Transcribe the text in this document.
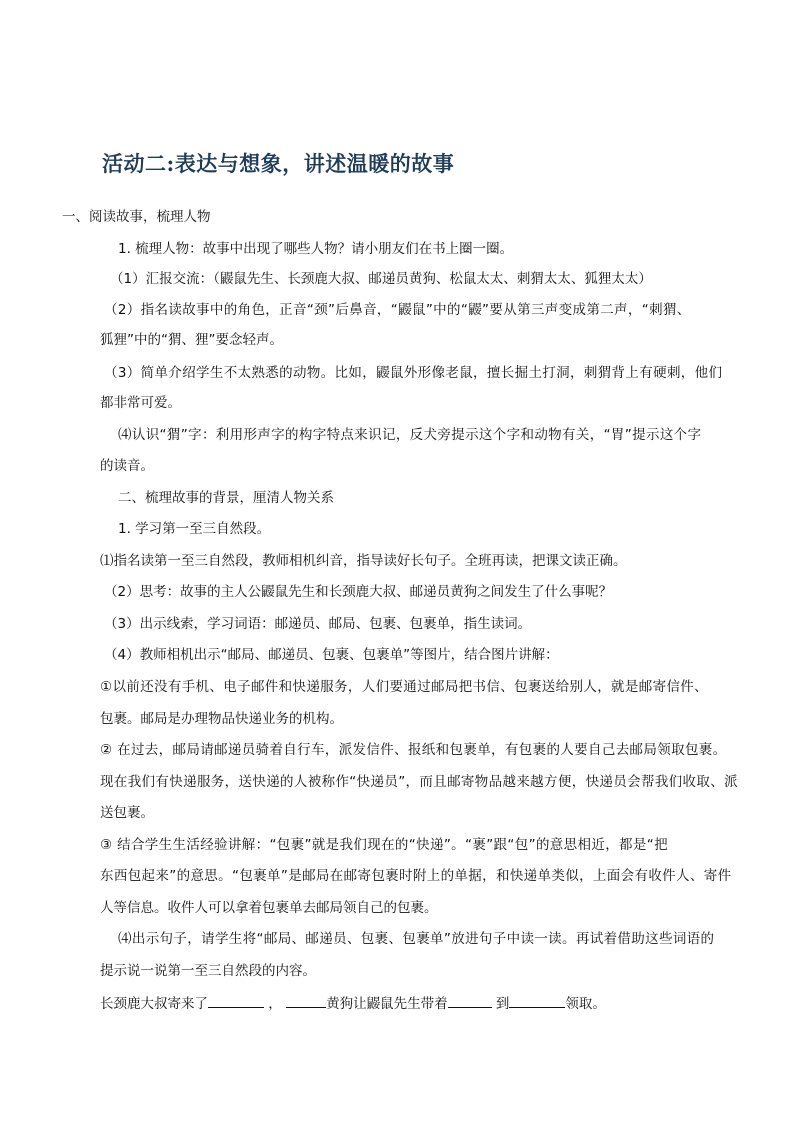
活动二:表达与想象，讲述温暖的故事
一、阅读故事，梳理人物
1. 梳理人物：故事中出现了哪些人物？请小朋友们在书上圈一圈。
（1）汇报交流：（鼹鼠先生、长颈鹿大叔、邮递员黄狗、松鼠太太、刺猬太太、狐狸太太）
（2）指名读故事中的角色，正音“颈”后鼻音，“鼹鼠”中的“鼹”要从第三声变成第二声，“刺猬、
狐狸”中的“猬、狸”要念轻声。
（3）简单介绍学生不太熟悉的动物。比如，鼹鼠外形像老鼠，擅长掘土打洞，刺猬背上有硬刺，他们
都非常可爱。
⑷认识“猬”字：利用形声字的构字特点来识记，反犬旁提示这个字和动物有关，“胃”提示这个字
的读音。
二、梳理故事的背景，厘清人物关系
1. 学习第一至三自然段。
⑴指名读第一至三自然段，教师相机纠音，指导读好长句子。全班再读，把课文读正确。
（2）思考：故事的主人公鼹鼠先生和长颈鹿大叔、邮递员黄狗之间发生了什么事呢？
（3）出示线索，学习词语：邮递员、邮局、包裹、包裹单，指生读词。
（4）教师相机出示“邮局、邮递员、包裹、包裹单”等图片，结合图片讲解：
①以前还没有手机、电子邮件和快递服务，人们要通过邮局把书信、包裹送给别人，就是邮寄信件、
包裹。邮局是办理物品快递业务的机构。
② 在过去，邮局请邮递员骑着自行车，派发信件、报纸和包裹单，有包裹的人要自己去邮局领取包裹。
现在我们有快递服务，送快递的人被称作“快递员”，而且邮寄物品越来越方便，快递员会帮我们收取、派
送包裹。
③ 结合学生生活经验讲解：“包裹”就是我们现在的“快递”。“裹”跟“包”的意思相近，都是“把
东西包起来”的意思。“包裹单”是邮局在邮寄包裹时附上的单据，和快递单类似，上面会有收件人、寄件
人等信息。收件人可以拿着包裹单去邮局领自己的包裹。
⑷出示句子，请学生将“邮局、邮递员、包裹、包裹单”放进句子中读一读。再试着借助这些词语的
提示说一说第一至三自然段的内容。
长颈鹿大叔寄来了	，	黄狗让鼹鼠先生带着	到	领取。
